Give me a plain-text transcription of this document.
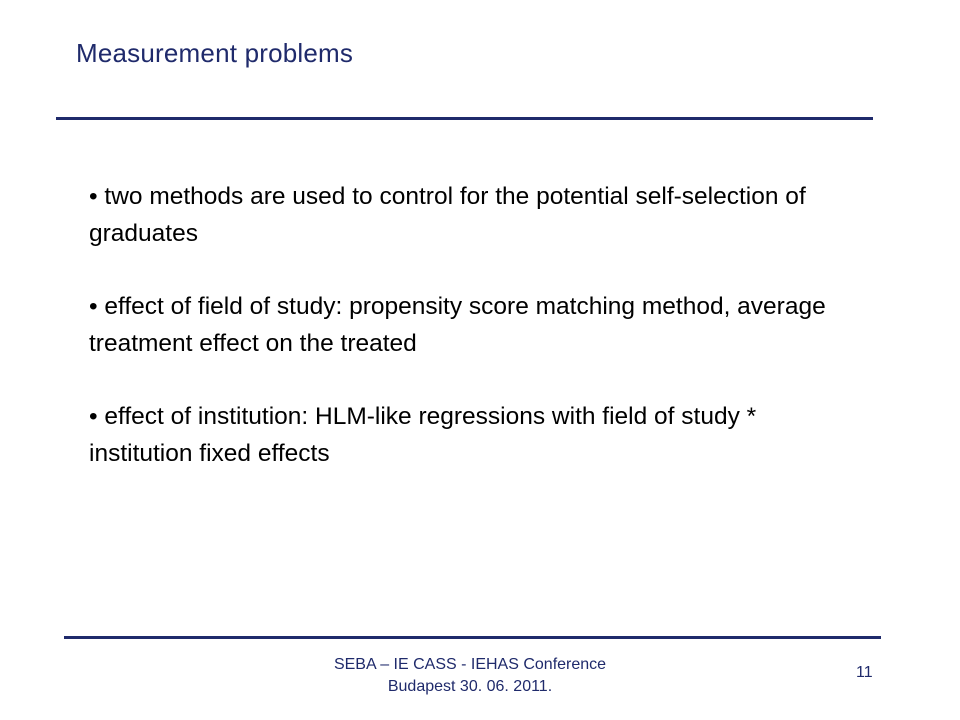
Measurement problems
• two methods are used to control for the potential self-selection of graduates
• effect of field of study: propensity score matching method, average treatment effect on the treated
• effect of institution: HLM-like regressions with field of study * institution fixed effects
SEBA – IE CASS - IEHAS Conference
Budapest 30. 06. 2011.
11
